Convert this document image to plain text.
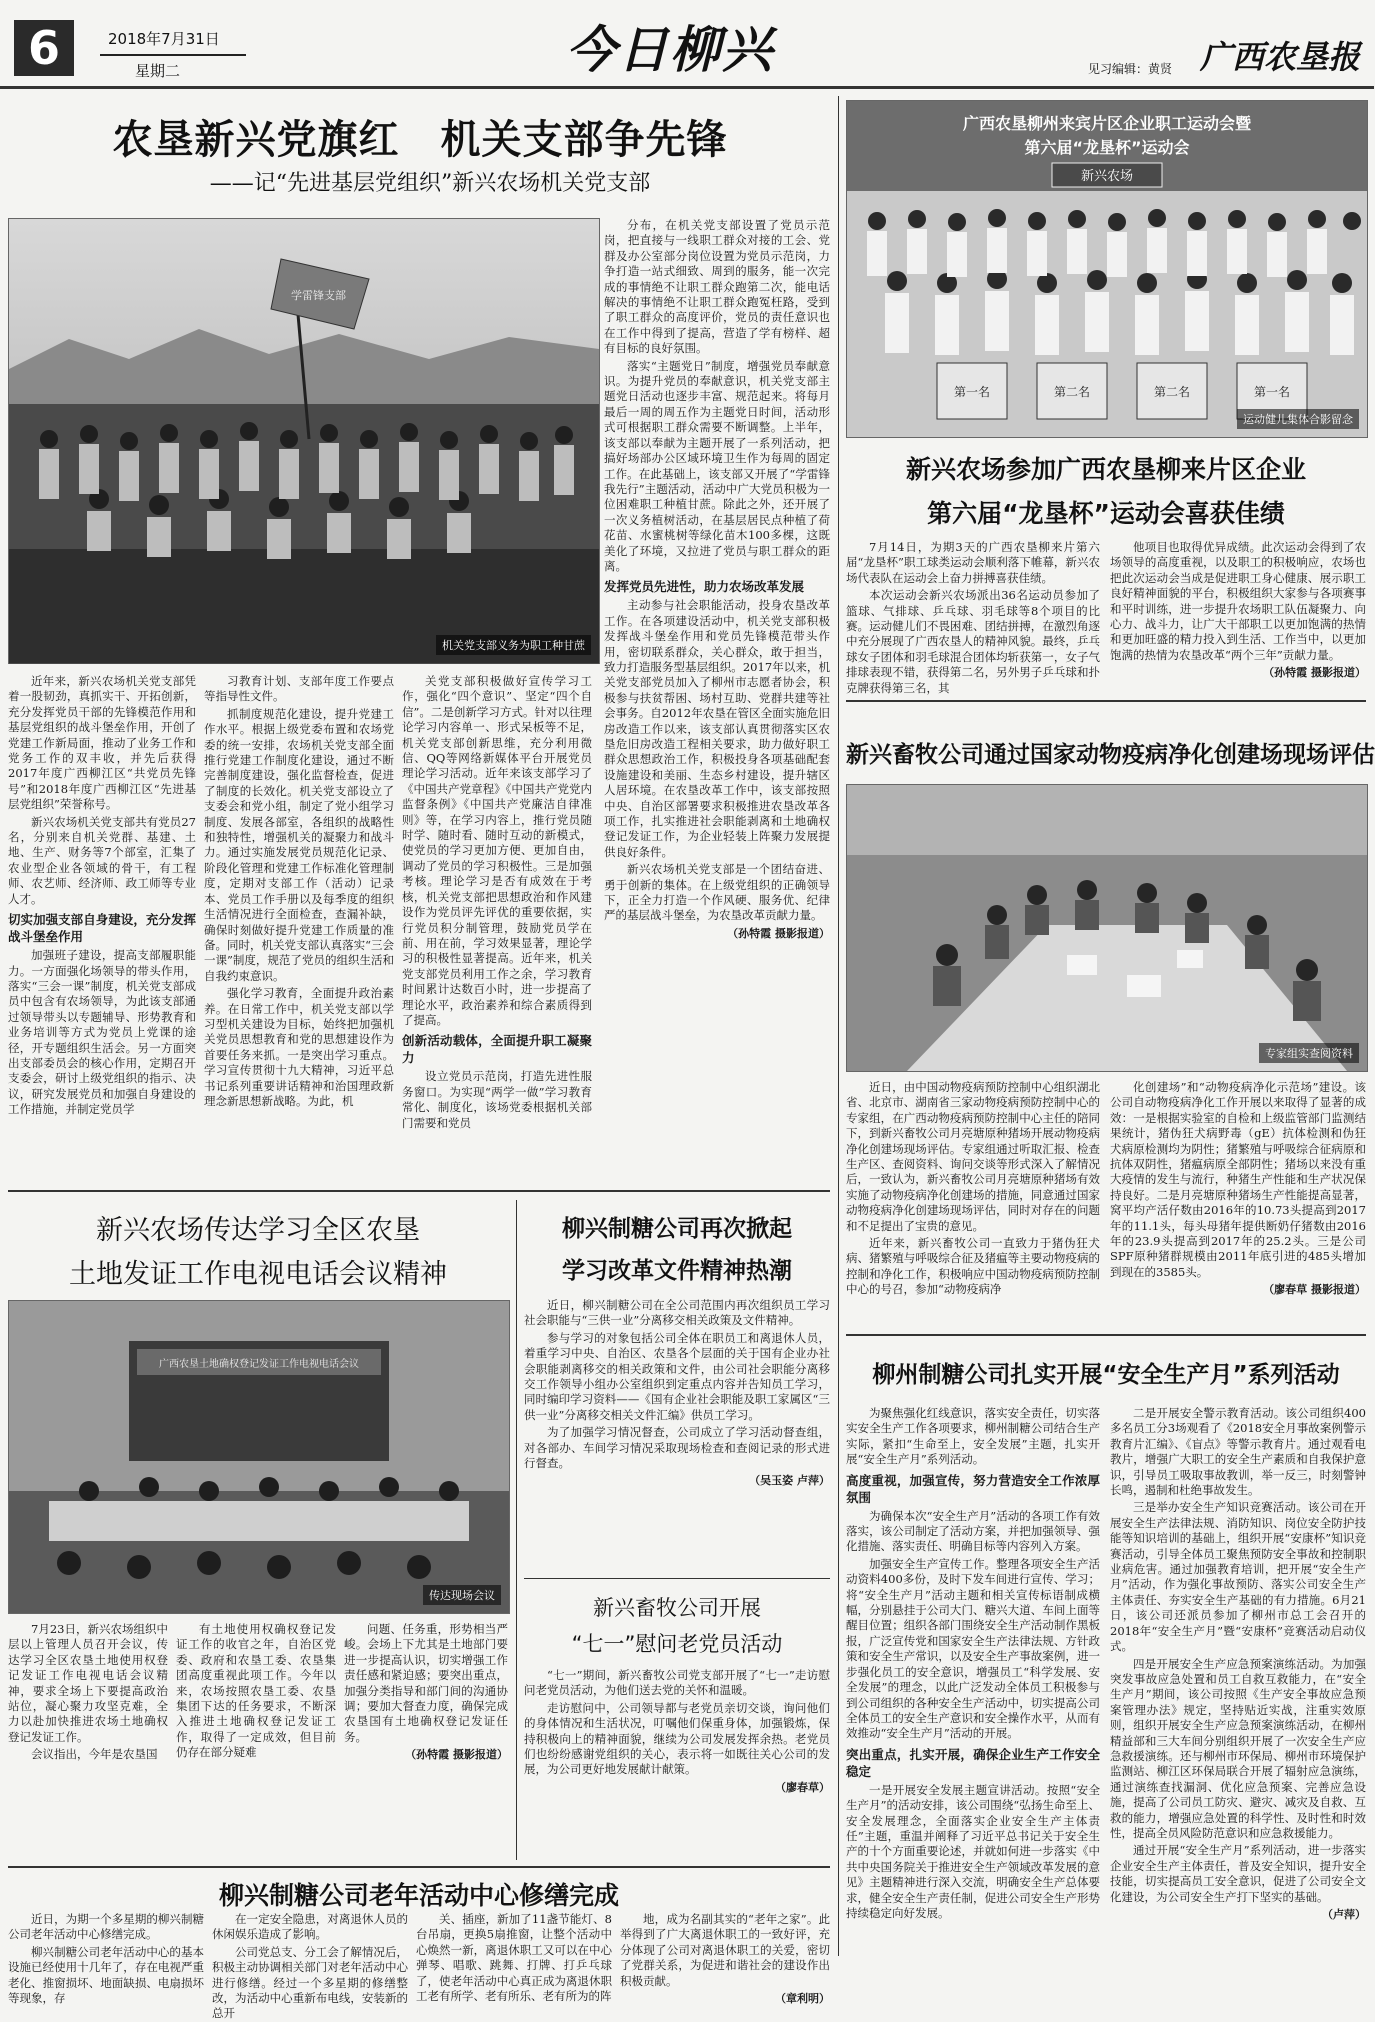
6	2018年7月31日
星期二	今日柳兴	见习编辑：黄贤 广西农垦报
农垦新兴党旗红　机关支部争先锋
——记“先进基层党组织”新兴农场机关党支部
学雷锋支部
机关党支部义务为职工种甘蔗

近年来，新兴农场机关党支部凭着一股韧劲，真抓实干、开拓创新，充分发挥党员干部的先锋模范作用和基层党组织的战斗堡垒作用，开创了党建工作新局面，推动了业务工作和党务工作的双丰收，并先后获得2017年度广西柳江区“共党员先锋号”和2018年度广西柳江区“先进基层党组织”荣誉称号。

新兴农场机关党支部共有党员27名，分别来自机关党群、基建、土地、生产、财务等7个部室，汇集了农业型企业各领域的骨干，有工程师、农艺师、经济师、政工师等专业人才。

切实加强支部自身建设，充分发挥战斗堡垒作用

加强班子建设，提高支部履职能力。一方面强化场领导的带头作用，落实“三会一课”制度，机关党支部成员中包含有农场领导，为此该支部通过领导带头以专题辅导、形势教育和业务培训等方式为党员上党课的途径，开专题组织生活会。另一方面突出支部委员会的核心作用，定期召开支委会，研讨上级党组织的指示、决议，研究发展党员和加强自身建设的工作措施，并制定党员学

习教育计划、支部年度工作要点等指导性文件。

抓制度规范化建设，提升党建工作水平。根据上级党委布置和农场党委的统一安排，农场机关党支部全面推行党建工作制度化建设，通过不断完善制度建设，强化监督检查，促进了制度的长效化。机关党支部设立了支委会和党小组，制定了党小组学习制度、发展各部室，各组织的战略性和独特性，增强机关的凝聚力和战斗力。通过实施发展党员规范化记录、阶段化管理和党建工作标准化管理制度，定期对支部工作（活动）记录本、党员工作手册以及每季度的组织生活情况进行全面检查，查漏补缺，确保时刻做好提升党建工作质量的准备。同时，机关党支部认真落实“三会一课”制度，规范了党员的组织生活和自我约束意识。

强化学习教育，全面提升政治素养。在日常工作中，机关党支部以学习型机关建设为目标，始终把加强机关党员思想教育和党的思想建设作为首要任务来抓。一是突出学习重点。学习宣传贯彻十九大精神，习近平总书记系列重要讲话精神和治国理政新理念新思想新战略。为此，机

关党支部积极做好宣传学习工作，强化“四个意识”、坚定“四个自信”。二是创新学习方式。针对以往理论学习内容单一、形式呆板等不足，机关党支部创新思维，充分利用微信、QQ等网络新媒体平台开展党员理论学习活动。近年来该支部学习了《中国共产党章程》《中国共产党党内监督条例》《中国共产党廉洁自律准则》等，在学习内容上，推行党员随时学、随时看、随时互动的新模式，使党员的学习更加方便、更加自由，调动了党员的学习积极性。三是加强考核。理论学习是否有成效在于考核，机关党支部把思想政治和作风建设作为党员评先评优的重要依据，实行党员积分制管理，鼓励党员学在前、用在前，学习效果显著，理论学习的积极性显著提高。近年来，机关党支部党员利用工作之余，学习教育时间累计达数百小时，进一步提高了理论水平，政治素养和综合素质得到了提高。

创新活动载体，全面提升职工凝聚力

设立党员示范岗，打造先进性服务窗口。为实现“两学一做”学习教育常化、制度化，该场党委根据机关部门需要和党员

分布，在机关党支部设置了党员示范岗，把直接与一线职工群众对接的工会、党群及办公室部分岗位设置为党员示范岗，力争打造一站式细致、周到的服务，能一次完成的事情绝不让职工群众跑第二次，能电话解决的事情绝不让职工群众跑冤枉路，受到了职工群众的高度评价，党员的责任意识也在工作中得到了提高，营造了学有榜样、超有目标的良好氛围。

落实“主题党日”制度，增强党员奉献意识。为提升党员的奉献意识，机关党支部主题党日活动也逐步丰富、规范起来。将每月最后一周的周五作为主题党日时间，活动形式可根据职工群众需要不断调整。上半年，该支部以奉献为主题开展了一系列活动，把搞好场部办公区域环境卫生作为每周的固定工作。在此基础上，该支部又开展了“学雷锋我先行”主题活动，活动中广大党员积极为一位困难职工种植甘蔗。除此之外，还开展了一次义务植树活动，在基层居民点种植了荷花苗、水蜜桃树等绿化苗木100多棵，这既美化了环境，又拉进了党员与职工群众的距离。

发挥党员先进性，助力农场改革发展

主动参与社会职能活动，投身农垦改革工作。在各项建设活动中，机关党支部积极发挥战斗堡垒作用和党员先锋模范带头作用，密切联系群众，关心群众，敢于担当，致力打造服务型基层组织。2017年以来，机关党支部党员加入了柳州市志愿者协会，积极参与扶贫帮困、场村互助、党群共建等社会事务。自2012年农垦在管区全面实施危旧房改造工作以来，该支部认真贯彻落实区农垦危旧房改造工程相关要求，助力做好职工群众思想政治工作，积极投身各项基础配套设施建设和美丽、生态乡村建设，提升辖区人居环境。在农垦改革工作中，该支部按照中央、自治区部署要求积极推进农垦改革各项工作，扎实推进社会职能剥离和土地确权登记发证工作，为企业轻装上阵聚力发展提供良好条件。

新兴农场机关党支部是一个团结奋进、勇于创新的集体。在上级党组织的正确领导下，正全力打造一个作风硬、服务优、纪律严的基层战斗堡垒，为农垦改革贡献力量。

（孙特霞 摄影报道）
广西农垦柳州来宾片区企业职工运动会暨
第六届“龙垦杯”运动会
新兴农场
第一名	第二名	第二名	第一名
运动健儿集体合影留念
新兴农场参加广西农垦柳来片区企业
第六届“龙垦杯”运动会喜获佳绩

7月14日，为期3天的广西农垦柳来片第六届“龙垦杯”职工球类运动会顺利落下帷幕，新兴农场代表队在运动会上奋力拼搏喜获佳绩。

本次运动会新兴农场派出36名运动员参加了篮球、气排球、乒乓球、羽毛球等8个项目的比赛。运动健儿们不畏困难、团结拼搏，在激烈角逐中充分展现了广西农垦人的精神风貌。最终，乒乓球女子团体和羽毛球混合团体均斩获第一，女子气排球表现不错，获得第二名，另外男子乒乓球和扑克牌获得第三名，其

他项目也取得优异成绩。此次运动会得到了农场领导的高度重视，以及职工的积极响应，农场也把此次运动会当成是促进职工身心健康、展示职工良好精神面貌的平台，积极组织大家参与各项赛事和平时训练，进一步提升农场职工队伍凝聚力、向心力、战斗力，让广大干部职工以更加饱满的热情和更加旺盛的精力投入到生活、工作当中，以更加饱满的热情为农垦改革“两个三年”贡献力量。

（孙特霞 摄影报道）
新兴畜牧公司通过国家动物疫病净化创建场现场评估
专家组实查阅资料

近日，由中国动物疫病预防控制中心组织湖北省、北京市、湖南省三家动物疫病预防控制中心的专家组，在广西动物疫病预防控制中心主任的陪同下，到新兴畜牧公司月亮塘原种猪场开展动物疫病净化创建场现场评估。专家组通过听取汇报、检查生产区、查阅资料、询问交谈等形式深入了解情况后，一致认为，新兴畜牧公司月亮塘原种猪场有效实施了动物疫病净化创建场的措施，同意通过国家动物疫病净化创建场现场评估，同时对存在的问题和不足提出了宝贵的意见。

近年来，新兴畜牧公司一直致力于猪伪狂犬病、猪繁殖与呼吸综合征及猪瘟等主要动物疫病的控制和净化工作，积极响应中国动物疫病预防控制中心的号召，参加“动物疫病净

化创建场”和“动物疫病净化示范场”建设。该公司自动物疫病净化工作开展以来取得了显著的成效：一是根据实验室的自检和上级监管部门监测结果统计，猪伪狂犬病野毒（gE）抗体检测和伪狂犬病原检测均为阴性；猪繁殖与呼吸综合征病原和抗体双阴性，猪瘟病原全部阴性；猪场以来没有重大疫情的发生与流行，种猪生产性能和生产状况保持良好。二是月亮塘原种猪场生产性能提高显著，窝平均产活仔数由2016年的10.73头提高到2017年的11.1头，每头母猪年提供断奶仔猪数由2016年的23.9头提高到2017年的25.2头。三是公司SPF原种猪群规模由2011年底引进的485头增加到现在的3585头。

（廖春草 摄影报道）
柳州制糖公司扎实开展“安全生产月”系列活动

为聚焦强化红线意识，落实安全责任，切实落实安全生产工作各项要求，柳州制糖公司结合生产实际，紧扣“生命至上，安全发展”主题，扎实开展“安全生产月”系列活动。

高度重视，加强宣传，努力营造安全工作浓厚氛围

为确保本次“安全生产月”活动的各项工作有效落实，该公司制定了活动方案，并把加强领导、强化措施、落实责任、明确目标等内容列入方案。

加强安全生产宣传工作。整理各项安全生产活动资料400多份，及时下发车间进行宣传、学习；将“安全生产月”活动主题和相关宣传标语制成横幅，分别悬挂于公司大门、糖兴大道、车间上面等醒目位置；组织各部门围绕安全生产活动制作黑板报，广泛宣传党和国家安全生产法律法规、方针政策和安全生产常识，以及安全生产事故案例，进一步强化员工的安全意识，增强员工“科学发展、安全发展”的理念，以此广泛发动全体员工积极参与到公司组织的各种安全生产活动中，切实提高公司全体员工的安全生产意识和安全操作水平，从而有效推动“安全生产月”活动的开展。

突出重点，扎实开展，确保企业生产工作安全稳定

一是开展安全发展主题宣讲活动。按照“安全生产月”的活动安排，该公司围绕“弘扬生命至上、安全发展理念，全面落实企业安全生产主体责任”主题，重温并阐释了习近平总书记关于安全生产的十个方面重要论述，并就如何进一步落实《中共中央国务院关于推进安全生产领域改革发展的意见》主题精神进行深入交流，明确安全生产总体要求，健全安全生产责任制，促进公司安全生产形势持续稳定向好发展。

二是开展安全警示教育活动。该公司组织400多名员工分3场观看了《2018安全月事故案例警示教育片汇编》、《盲点》等警示教育片。通过观看电教片，增强广大职工的安全生产素质和自我保护意识，引导员工吸取事故教训，举一反三，时刻警钟长鸣，遏制和杜绝事故发生。

三是举办安全生产知识竞赛活动。该公司在开展安全生产法律法规、消防知识、岗位安全防护技能等知识培训的基础上，组织开展“安康杯”知识竞赛活动，引导全体员工聚焦预防安全事故和控制职业病危害。通过加强教育培训，把开展“安全生产月”活动，作为强化事故预防、落实公司安全生产主体责任、夯实安全生产基础的有力措施。6月21日，该公司还派员参加了柳州市总工会召开的2018年“安全生产月”暨“安康杯”竞赛活动启动仪式。

四是开展安全生产应急预案演练活动。为加强突发事故应急处置和员工自救互救能力，在“安全生产月”期间，该公司按照《生产安全事故应急预案管理办法》规定，坚持贴近实战，注重实效原则，组织开展安全生产应急预案演练活动，在柳州精益部和三大车间分别组织开展了一次安全生产应急救援演练。还与柳州市环保局、柳州市环境保护监测站、柳江区环保局联合开展了辐射应急演练，通过演练查找漏洞、优化应急预案、完善应急设施，提高了公司员工防灾、避灾、减灾及自救、互救的能力，增强应急处置的科学性、及时性和时效性，提高全员风险防范意识和应急救援能力。

通过开展“安全生产月”系列活动，进一步落实企业安全生产主体责任，普及安全知识，提升安全技能，切实提高员工安全意识，促进了公司安全文化建设，为公司安全生产打下坚实的基础。

（卢萍）
新兴农场传达学习全区农垦
土地发证工作电视电话会议精神
广西农垦土地确权登记发证工作电视电话会议
传达现场会议

7月23日，新兴农场组织中层以上管理人员召开会议，传达学习全区农垦土地使用权登记发证工作电视电话会议精神，要求全场上下要提高政治站位，凝心聚力攻坚克难，全力以赴加快推进农场土地确权登记发证工作。

会议指出，今年是农垦国

有土地使用权确权登记发证工作的收官之年，自治区党委、政府和农垦工委、农垦集团高度重视此项工作。今年以来，农场按照农垦工委、农垦集团下达的任务要求，不断深入推进土地确权登记发证工作，取得了一定成效，但目前仍存在部分疑难

问题、任务重，形势相当严峻。会场上下尤其是土地部门要进一步提高认识，切实增强工作责任感和紧迫感；要突出重点，加强分类指导和部门间的沟通协调；要加大督查力度，确保完成农垦国有土地确权登记发证任务。

（孙特霞 摄影报道）
柳兴制糖公司再次掀起
学习改革文件精神热潮

近日，柳兴制糖公司在全公司范围内再次组织员工学习社会职能与“三供一业”分离移交相关政策及文件精神。

参与学习的对象包括公司全体在职员工和离退休人员，着重学习中央、自治区、农垦各个层面的关于国有企业办社会职能剥离移交的相关政策和文件，由公司社会职能分离移交工作领导小组办公室组织到定重点内容并告知员工学习，同时编印学习资料——《国有企业社会职能及职工家属区“三供一业”分离移交相关文件汇编》供员工学习。

为了加强学习情况督查，公司成立了学习活动督查组，对各部办、车间学习情况采取现场检查和查阅记录的形式进行督查。

（吴玉姿 卢萍）
新兴畜牧公司开展
“七一”慰问老党员活动

“七一”期间，新兴畜牧公司党支部开展了“七一”走访慰问老党员活动，为他们送去党的关怀和温暖。

走访慰问中，公司领导都与老党员亲切交谈，询问他们的身体情况和生活状况，叮嘱他们保重身体，加强锻炼，保持积极向上的精神面貌，继续为公司发展发挥余热。老党员们也纷纷感谢党组织的关心，表示将一如既往关心公司的发展，为公司更好地发展献计献策。

（廖春草）
柳兴制糖公司老年活动中心修缮完成

近日，为期一个多星期的柳兴制糖公司老年活动中心修缮完成。

柳兴制糖公司老年活动中心的基本设施已经使用十几年了，存在电视严重老化、推窗损坏、地面缺损、电扇损坏等现象，存

在一定安全隐患，对离退休人员的休闲娱乐造成了影响。

公司党总支、分工会了解情况后，积极主动协调相关部门对老年活动中心进行修缮。经过一个多星期的修缮整改，为活动中心重新布电线，安装新的总开

关、插座，新加了11盏节能灯、8台吊扇，更换5扇推窗，让整个活动中心焕然一新，离退休职工又可以在中心弹琴、唱歌、跳舞、打牌、打乒乓球了，使老年活动中心真正成为离退休职工老有所学、老有所乐、老有所为的阵

地，成为名副其实的“老年之家”。此举得到了广大离退休职工的一致好评，充分体现了公司对离退休职工的关爱，密切了党群关系，为促进和谐社会的建设作出积极贡献。

（章利明）
